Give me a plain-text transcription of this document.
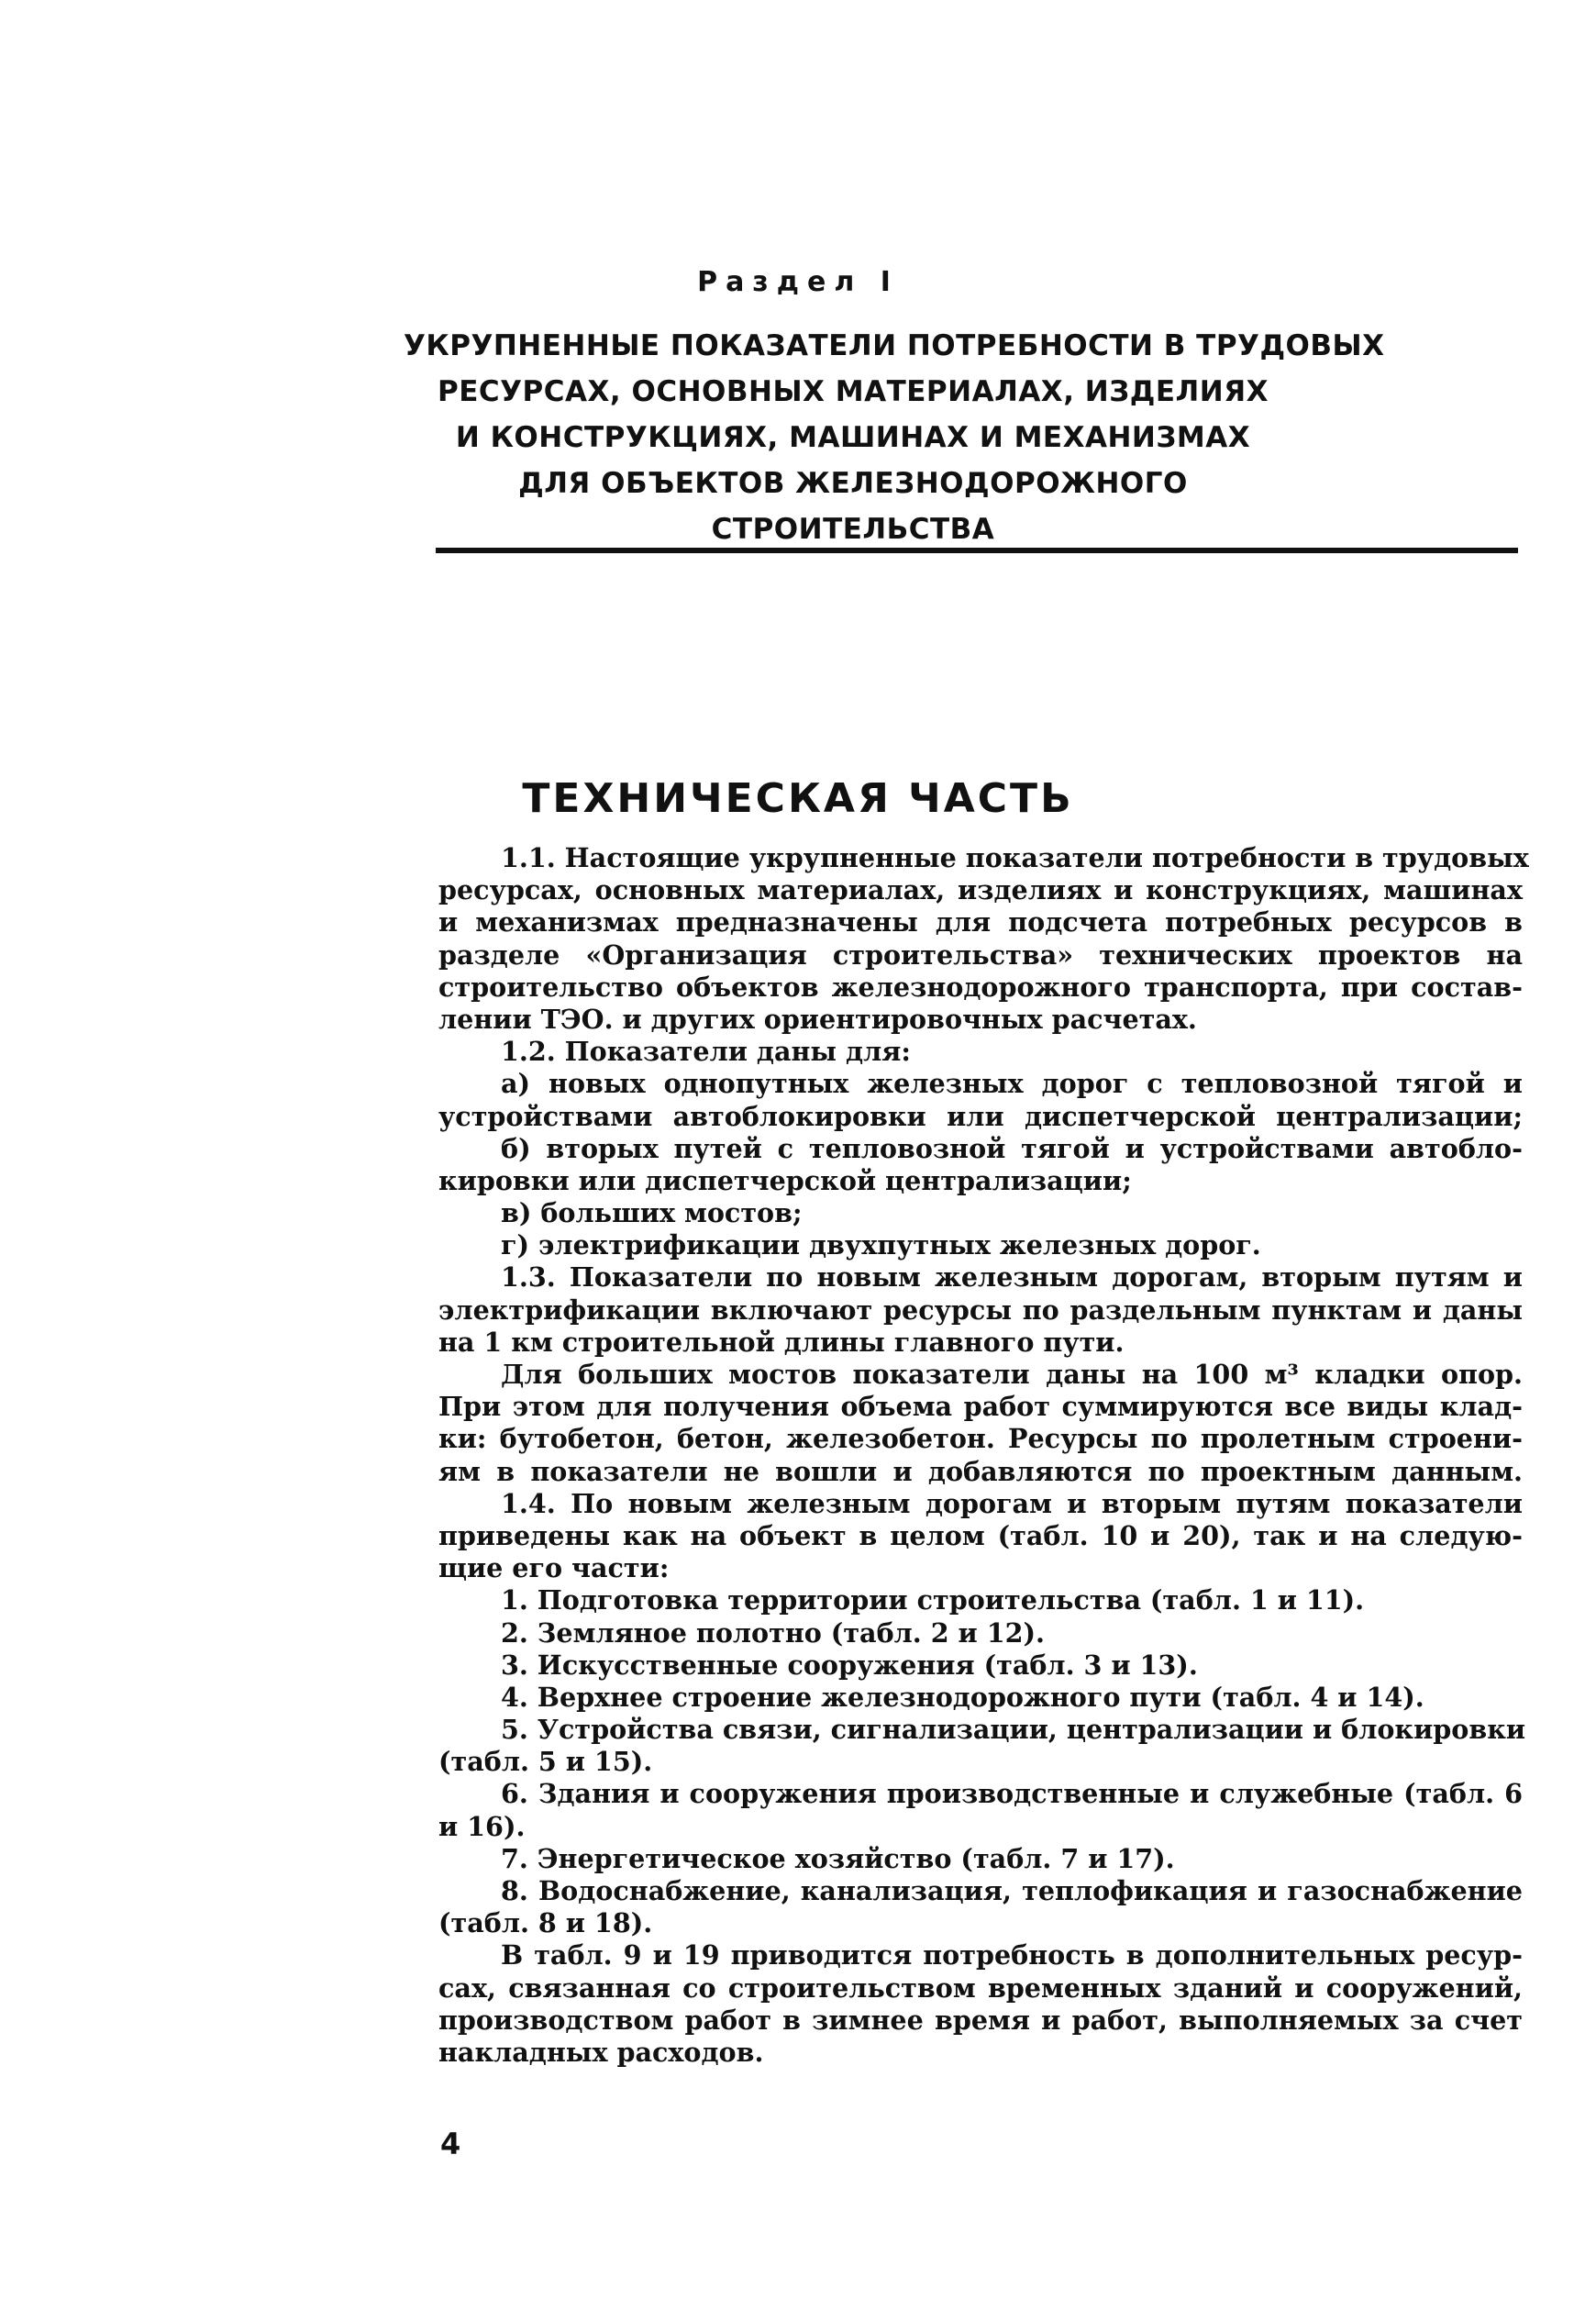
Раздел I
УКРУПНЕННЫЕ ПОКАЗАТЕЛИ ПОТРЕБНОСТИ В ТРУДОВЫХ
РЕСУРСАХ, ОСНОВНЫХ МАТЕРИАЛАХ, ИЗДЕЛИЯХ
И КОНСТРУКЦИЯХ, МАШИНАХ И МЕХАНИЗМАХ
ДЛЯ ОБЪЕКТОВ ЖЕЛЕЗНОДОРОЖНОГО
СТРОИТЕЛЬСТВА
ТЕХНИЧЕСКАЯ ЧАСТЬ
1.1. Настоящие укрупненные показатели потребности в трудовых
ресурсах, основных материалах, изделиях и конструкциях, машинах
и механизмах предназначены для подсчета потребных ресурсов в
разделе «Организация строительства» технических проектов на
строительство объектов железнодорожного транспорта, при состав-
лении ТЭО. и других ориентировочных расчетах.
1.2. Показатели даны для:
а) новых однопутных железных дорог с тепловозной тягой и
устройствами автоблокировки или диспетчерской централизации;
б) вторых путей с тепловозной тягой и устройствами автобло-
кировки или диспетчерской централизации;
в) больших мостов;
г) электрификации двухпутных железных дорог.
1.3. Показатели по новым железным дорогам, вторым путям и
электрификации включают ресурсы по раздельным пунктам и даны
на 1 км строительной длины главного пути.
Для больших мостов показатели даны на 100 м³ кладки опор.
При этом для получения объема работ суммируются все виды клад-
ки: бутобетон, бетон, железобетон. Ресурсы по пролетным строени-
ям в показатели не вошли и добавляются по проектным данным.
1.4. По новым железным дорогам и вторым путям показатели
приведены как на объект в целом (табл. 10 и 20), так и на следую-
щие его части:
1. Подготовка территории строительства (табл. 1 и 11).
2. Земляное полотно (табл. 2 и 12).
3. Искусственные сооружения (табл. 3 и 13).
4. Верхнее строение железнодорожного пути (табл. 4 и 14).
5. Устройства связи, сигнализации, централизации и блокировки
(табл. 5 и 15).
6. Здания и сооружения производственные и служебные (табл. 6
и 16).
7. Энергетическое хозяйство (табл. 7 и 17).
8. Водоснабжение, канализация, теплофикация и газоснабжение
(табл. 8 и 18).
В табл. 9 и 19 приводится потребность в дополнительных ресур-
сах, связанная со строительством временных зданий и сооружений,
производством работ в зимнее время и работ, выполняемых за счет
накладных расходов.
4
